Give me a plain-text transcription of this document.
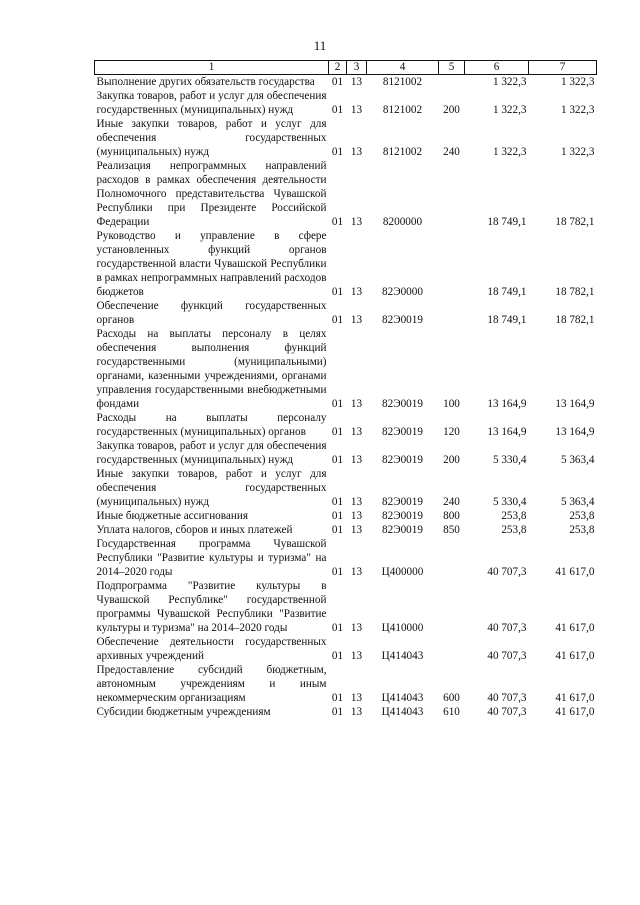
11
1	2	3	4	5	6	7
Выполнение других обязательств государства	01	13	8121002		1 322,3	1 322,3
Закупка товаров, работ и услуг для обеспечения государственных (муниципальных) нужд	01	13	8121002	200	1 322,3	1 322,3
Иные закупки товаров, работ и услуг для обеспечения государственных (муниципальных) нужд	01	13	8121002	240	1 322,3	1 322,3
Реализация непрограммных направлений расходов в рамках обеспечения деятельности Полномочного представительства Чувашской Республики при Президенте Российской Федерации	01	13	8200000		18 749,1	18 782,1
Руководство и управление в сфере установленных функций органов государственной власти Чувашской Республики в рамках непрограммных направлений расходов бюджетов	01	13	82Э0000		18 749,1	18 782,1
Обеспечение функций государственных органов	01	13	82Э0019		18 749,1	18 782,1
Расходы на выплаты персоналу в целях обеспечения выполнения функций государственными (муниципальными) органами, казенными учреждениями, органами управления государственными внебюджетными фондами	01	13	82Э0019	100	13 164,9	13 164,9
Расходы на выплаты персоналу государственных (муниципальных) органов	01	13	82Э0019	120	13 164,9	13 164,9
Закупка товаров, работ и услуг для обеспечения государственных (муниципальных) нужд	01	13	82Э0019	200	5 330,4	5 363,4
Иные закупки товаров, работ и услуг для обеспечения государственных (муниципальных) нужд	01	13	82Э0019	240	5 330,4	5 363,4
Иные бюджетные ассигнования	01	13	82Э0019	800	253,8	253,8
Уплата налогов, сборов и иных платежей	01	13	82Э0019	850	253,8	253,8
Государственная программа Чувашской Республики "Развитие культуры и туризма" на 2014–2020 годы	01	13	Ц400000		40 707,3	41 617,0
Подпрограмма "Развитие культуры в Чувашской Республике" государственной программы Чувашской Республики "Развитие культуры и туризма" на 2014–2020 годы	01	13	Ц410000		40 707,3	41 617,0
Обеспечение деятельности государственных архивных учреждений	01	13	Ц414043		40 707,3	41 617,0
Предоставление субсидий бюджетным, автономным учреждениям и иным некоммерческим организациям	01	13	Ц414043	600	40 707,3	41 617,0
Субсидии бюджетным учреждениям	01	13	Ц414043	610	40 707,3	41 617,0
